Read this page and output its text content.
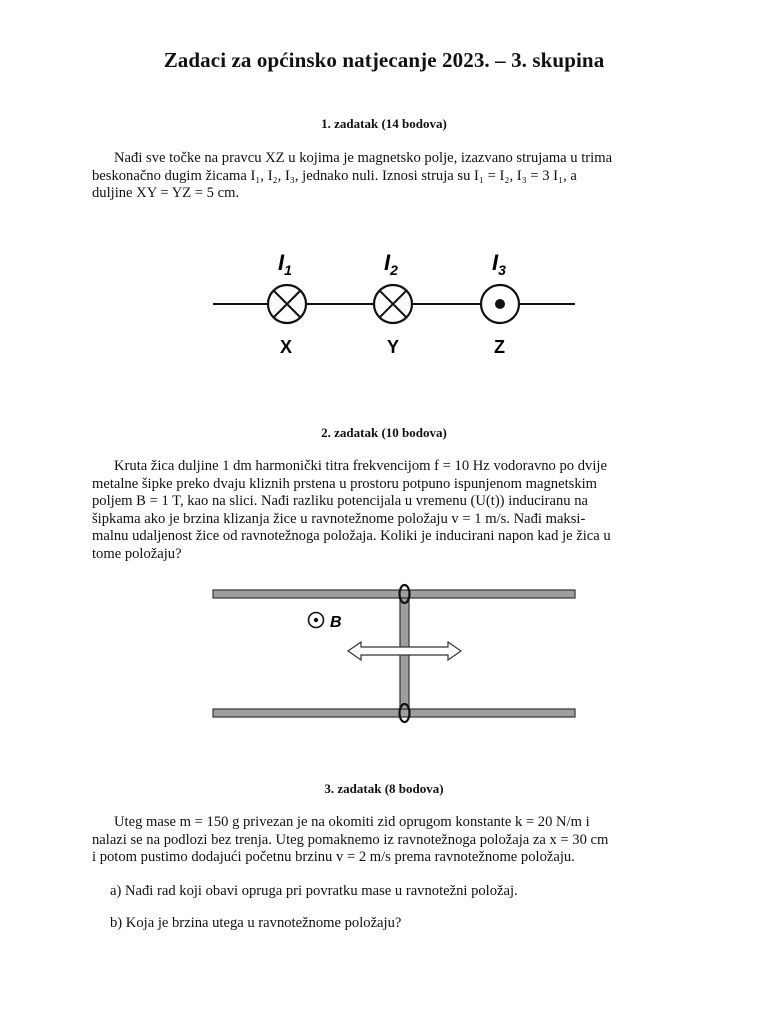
Zadaci za općinsko natjecanje 2023. – 3. skupina
1. zadatak (14 bodova)
Nađi sve točke na pravcu XZ u kojima je magnetsko polje, izazvano strujama u trima
beskonačno dugim žicama I₁, I₂, I₃, jednako nuli. Iznosi struja su I₁ = I₂, I₃ = 3 I₁, a
duljine XY = YZ = 5 cm.
$I_1$	$I_2$	$I_3$
X	Y	Z
2. zadatak (10 bodova)
Kruta žica duljine 1 dm harmonički titra frekvencijom f = 10 Hz vodoravno po dvije
metalne šipke preko dvaju kliznih prstena u prostoru potpuno ispunjenom magnetskim
poljem B = 1 T, kao na slici. Nađi razliku potencijala u vremenu (U(t)) induciranu na
šipkama ako je brzina klizanja žice u ravnotežnome položaju v = 1 m/s. Nađi maksi-
malnu udaljenost žice od ravnotežnoga položaja. Koliki je inducirani napon kad je žica u
tome položaju?
B
3. zadatak (8 bodova)
Uteg mase m = 150 g privezan je na okomiti zid oprugom konstante k = 20 N/m i
nalazi se na podlozi bez trenja. Uteg pomaknemo iz ravnotežnoga položaja za x = 30 cm
i potom pustimo dodajući početnu brzinu v = 2 m/s prema ravnotežnome položaju.
a) Nađi rad koji obavi opruga pri povratku mase u ravnotežni položaj.
b) Koja je brzina utega u ravnotežnome položaju?
